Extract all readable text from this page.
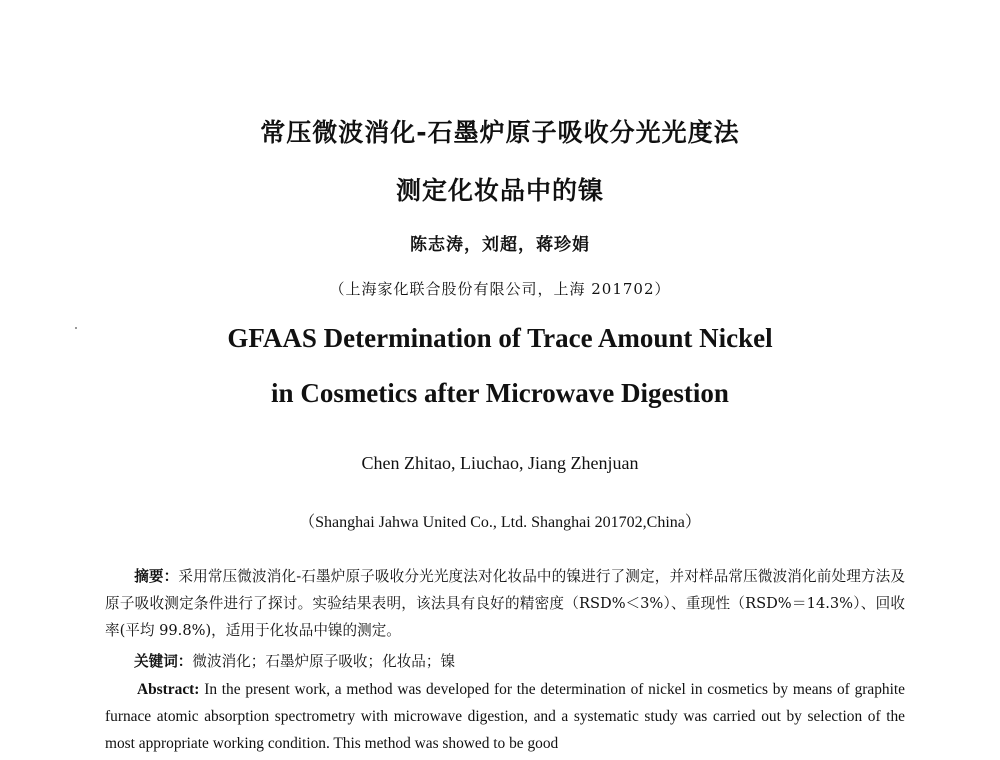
常压微波消化-石墨炉原子吸收分光光度法
测定化妆品中的镍
陈志涛，刘超，蒋珍娟
（上海家化联合股份有限公司，上海 201702）
GFAAS Determination of Trace Amount Nickel
in Cosmetics after Microwave Digestion
Chen Zhitao, Liuchao, Jiang Zhenjuan
（Shanghai Jahwa United Co., Ltd. Shanghai 201702,China）
摘要：采用常压微波消化-石墨炉原子吸收分光光度法对化妆品中的镍进行了测定，并对样品常压微波消化前处理方法及原子吸收测定条件进行了探讨。实验结果表明，该法具有良好的精密度（RSD%＜3%）、重现性（RSD%＝14.3%）、回收率(平均 99.8%)，适用于化妆品中镍的测定。
关键词：微波消化；石墨炉原子吸收；化妆品；镍
Abstract: In the present work, a method was developed for the determination of nickel in cosmetics by means of graphite furnace atomic absorption spectrometry with microwave digestion, and a systematic study was carried out by selection of the most appropriate working condition. This method was showed to be good
